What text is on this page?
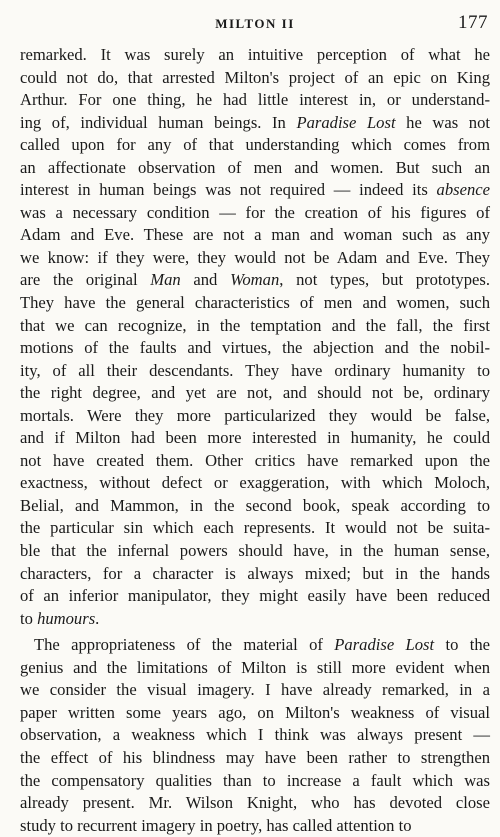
MILTON II	177
remarked. It was surely an intuitive perception of what he
could not do, that arrested Milton's project of an epic on King
Arthur. For one thing, he had little interest in, or understand-
ing of, individual human beings. In Paradise Lost he was not
called upon for any of that understanding which comes from
an affectionate observation of men and women. But such an
interest in human beings was not required — indeed its absence
was a necessary condition — for the creation of his figures of
Adam and Eve. These are not a man and woman such as any
we know: if they were, they would not be Adam and Eve. They
are the original Man and Woman, not types, but prototypes.
They have the general characteristics of men and women, such
that we can recognize, in the temptation and the fall, the first
motions of the faults and virtues, the abjection and the nobil-
ity, of all their descendants. They have ordinary humanity to
the right degree, and yet are not, and should not be, ordinary
mortals. Were they more particularized they would be false,
and if Milton had been more interested in humanity, he could
not have created them. Other critics have remarked upon the
exactness, without defect or exaggeration, with which Moloch,
Belial, and Mammon, in the second book, speak according to
the particular sin which each represents. It would not be suita-
ble that the infernal powers should have, in the human sense,
characters, for a character is always mixed; but in the hands
of an inferior manipulator, they might easily have been reduced
to humours.
The appropriateness of the material of Paradise Lost to the
genius and the limitations of Milton is still more evident when
we consider the visual imagery. I have already remarked, in a
paper written some years ago, on Milton's weakness of visual
observation, a weakness which I think was always present —
the effect of his blindness may have been rather to strengthen
the compensatory qualities than to increase a fault which was
already present. Mr. Wilson Knight, who has devoted close
study to recurrent imagery in poetry, has called attention to
